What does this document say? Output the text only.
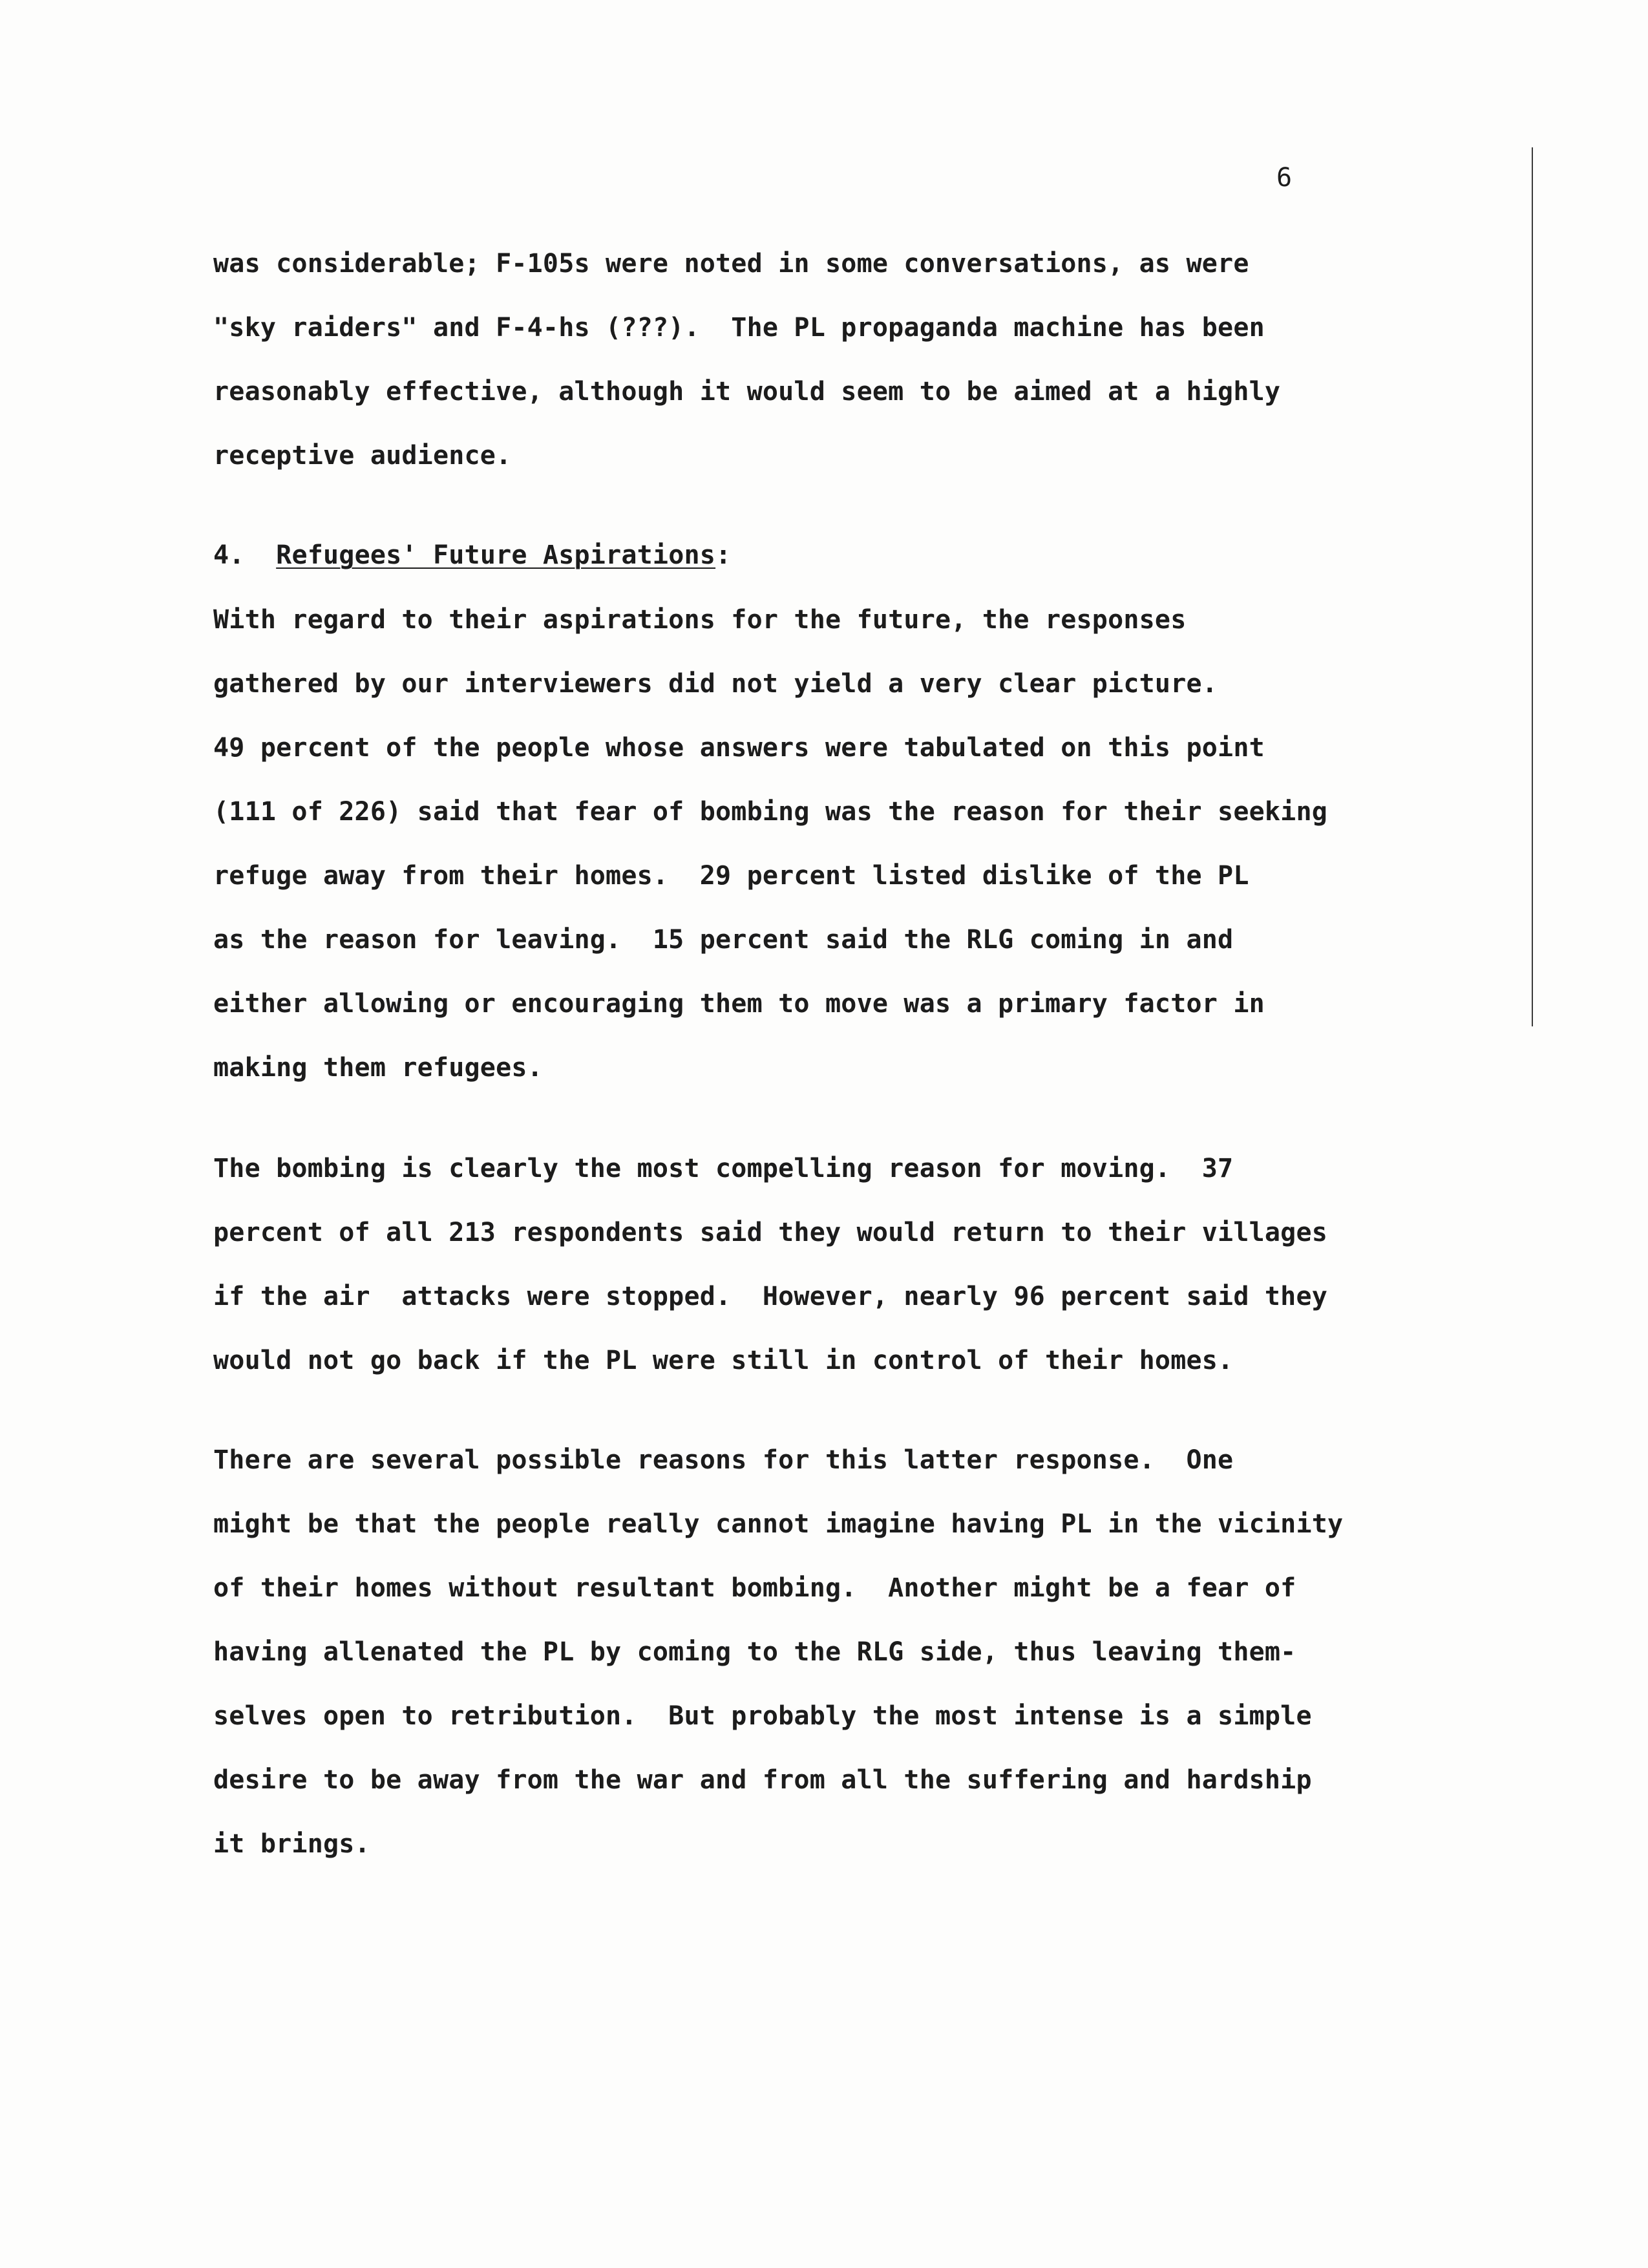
6
was considerable; F-105s were noted in some conversations, as were
"sky raiders" and F-4-hs (???).  The PL propaganda machine has been
reasonably effective, although it would seem to be aimed at a highly
receptive audience.
4. Refugees' Future Aspirations:
With regard to their aspirations for the future, the responses
gathered by our interviewers did not yield a very clear picture.
49 percent of the people whose answers were tabulated on this point
(111 of 226) said that fear of bombing was the reason for their seeking
refuge away from their homes.  29 percent listed dislike of the PL
as the reason for leaving.  15 percent said the RLG coming in and
either allowing or encouraging them to move was a primary factor in
making them refugees.
The bombing is clearly the most compelling reason for moving.  37
percent of all 213 respondents said they would return to their villages
if the air  attacks were stopped.  However, nearly 96 percent said they
would not go back if the PL were still in control of their homes.
There are several possible reasons for this latter response.  One
might be that the people really cannot imagine having PL in the vicinity
of their homes without resultant bombing.  Another might be a fear of
having allenated the PL by coming to the RLG side, thus leaving them-
selves open to retribution.  But probably the most intense is a simple
desire to be away from the war and from all the suffering and hardship
it brings.
